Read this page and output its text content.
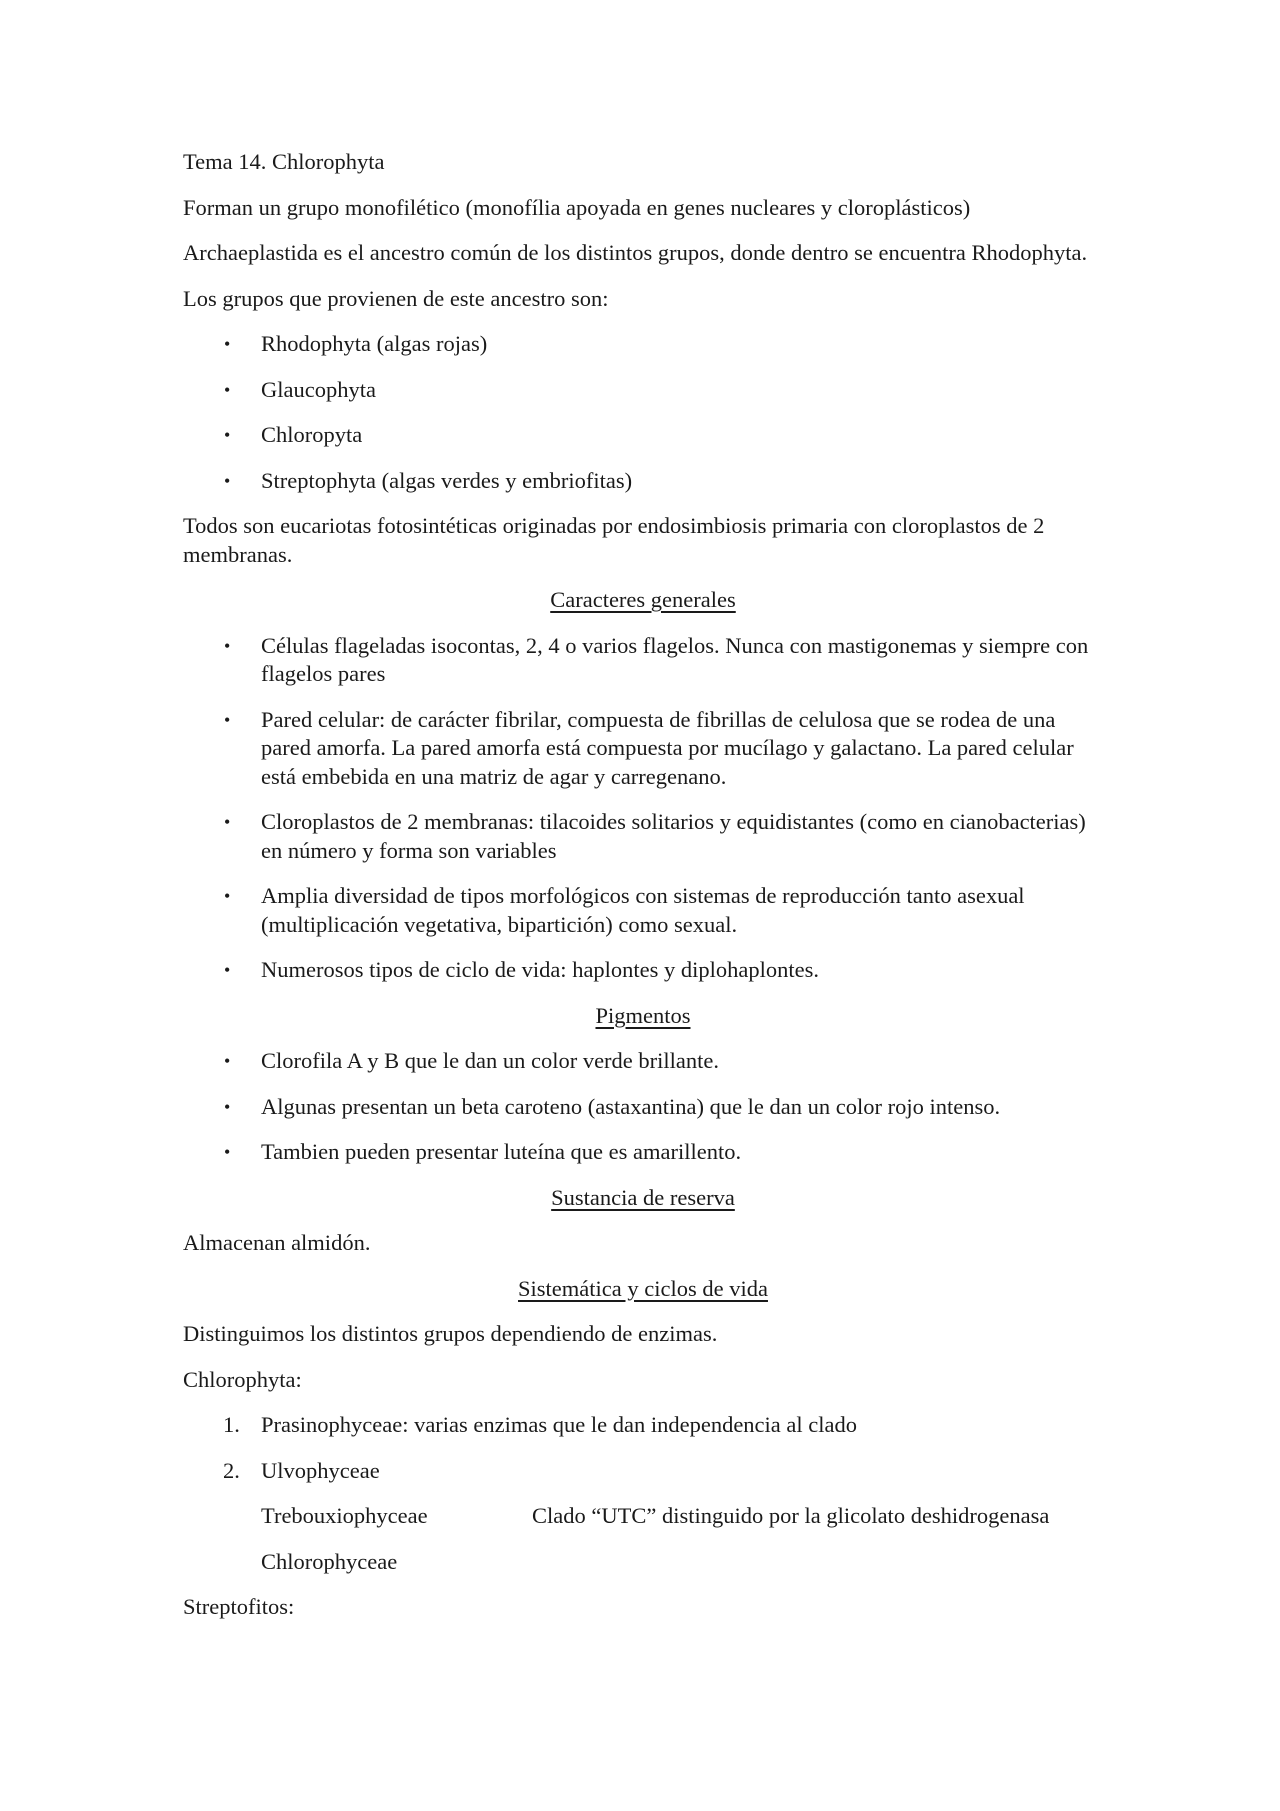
Tema 14. Chlorophyta

Forman un grupo monofilético (monofília apoyada en genes nucleares y cloroplásticos)

Archaeplastida es el ancestro común de los distintos grupos, donde dentro se encuentra Rhodophyta.

Los grupos que provienen de este ancestro son:

•	Rhodophyta (algas rojas)
•	Glaucophyta
•	Chloropyta
•	Streptophyta (algas verdes y embriofitas)

Todos son eucariotas fotosintéticas originadas por endosimbiosis primaria con cloroplastos de 2 membranas.

Caracteres generales

•	Células flageladas isocontas, 2, 4 o varios flagelos. Nunca con mastigonemas y siempre con flagelos pares
•	Pared celular: de carácter fibrilar, compuesta de fibrillas de celulosa que se rodea de una pared amorfa. La pared amorfa está compuesta por mucílago y galactano. La pared celular está embebida en una matriz de agar y carregenano.
•	Cloroplastos de 2 membranas: tilacoides solitarios y equidistantes (como en cianobacterias) en número y forma son variables
•	Amplia diversidad de tipos morfológicos con sistemas de reproducción tanto asexual (multiplicación vegetativa, bipartición) como sexual.
•	Numerosos tipos de ciclo de vida: haplontes y diplohaplontes.

Pigmentos

•	Clorofila A y B que le dan un color verde brillante.
•	Algunas presentan un beta caroteno (astaxantina) que le dan un color rojo intenso.
•	Tambien pueden presentar luteína que es amarillento.

Sustancia de reserva

Almacenan almidón.

Sistemática y ciclos de vida

Distinguimos los distintos grupos dependiendo de enzimas.

Chlorophyta:

1. Prasinophyceae: varias enzimas que le dan independencia al clado
2. Ulvophyceae
Trebouxiophyceae	Clado “UTC” distinguido por la glicolato deshidrogenasa
Chlorophyceae

Streptofitos:
